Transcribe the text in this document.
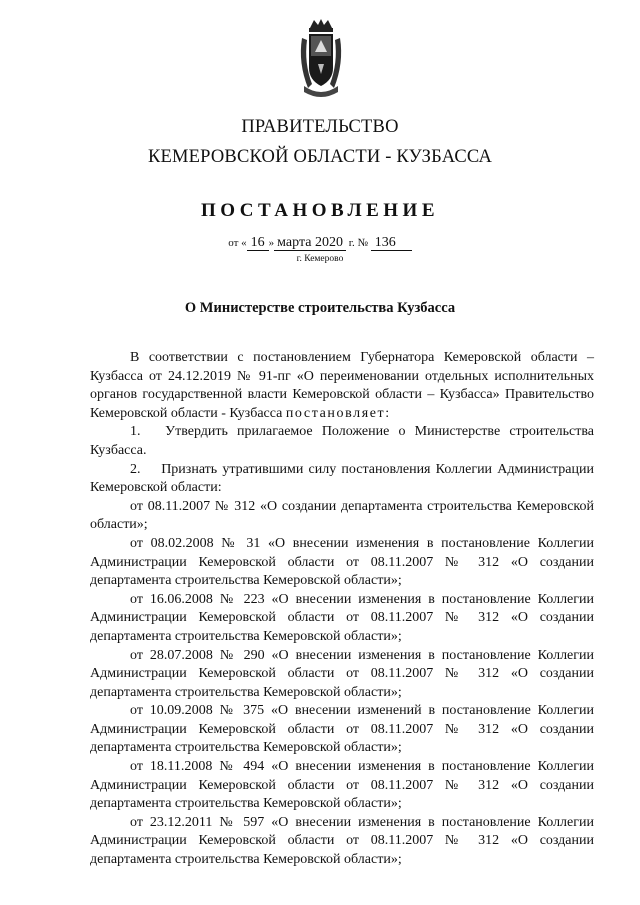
ПРАВИТЕЛЬСТВО
КЕМЕРОВСКОЙ ОБЛАСТИ - КУЗБАССА
ПОСТАНОВЛЕНИЕ
от « 16 » марта 2020 г. № 136
г. Кемерово
О Министерстве строительства Кузбасса

В соответствии с постановлением Губернатора Кемеровской области – Кузбасса от 24.12.2019 № 91-пг «О переименовании отдельных исполнительных органов государственной власти Кемеровской области – Кузбасса» Правительство Кемеровской области - Кузбасса постановляет:

1. Утвердить прилагаемое Положение о Министерстве строительства Кузбасса.

2. Признать утратившими силу постановления Коллегии Администрации Кемеровской области:

от 08.11.2007 № 312 «О создании департамента строительства Кемеровской области»;

от 08.02.2008 № 31 «О внесении изменения в постановление Коллегии Администрации Кемеровской области от 08.11.2007 № 312 «О создании департамента строительства Кемеровской области»;

от 16.06.2008 № 223 «О внесении изменения в постановление Коллегии Администрации Кемеровской области от 08.11.2007 № 312 «О создании департамента строительства Кемеровской области»;

от 28.07.2008 № 290 «О внесении изменения в постановление Коллегии Администрации Кемеровской области от 08.11.2007 № 312 «О создании департамента строительства Кемеровской области»;

от 10.09.2008 № 375 «О внесении изменений в постановление Коллегии Администрации Кемеровской области от 08.11.2007 № 312 «О создании департамента строительства Кемеровской области»;

от 18.11.2008 № 494 «О внесении изменения в постановление Коллегии Администрации Кемеровской области от 08.11.2007 № 312 «О создании департамента строительства Кемеровской области»;

от 23.12.2011 № 597 «О внесении изменения в постановление Коллегии Администрации Кемеровской области от 08.11.2007 № 312 «О создании департамента строительства Кемеровской области»;
